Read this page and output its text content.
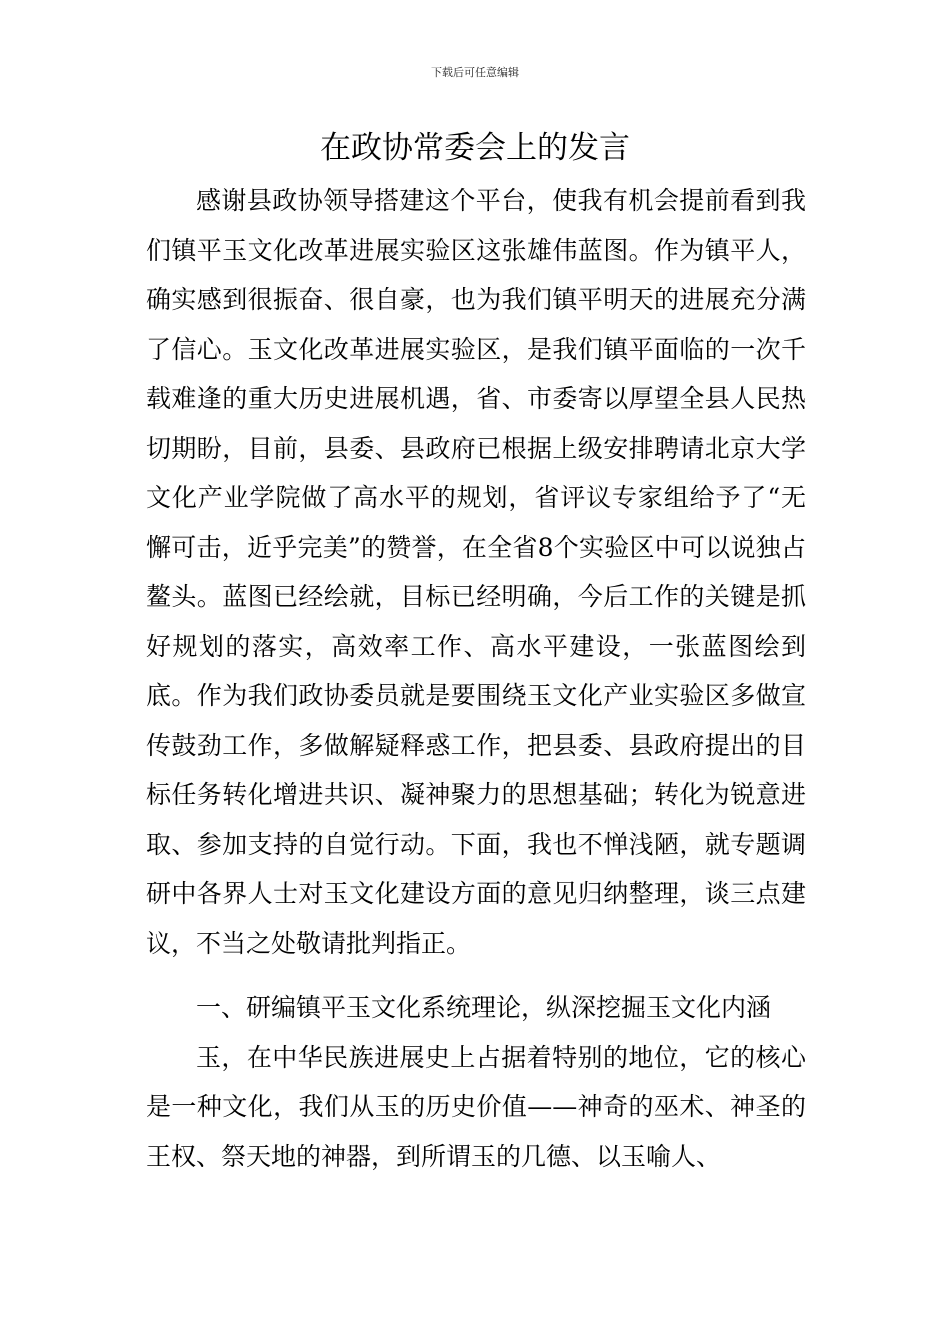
下载后可任意编辑
在政协常委会上的发言

感谢县政协领导搭建这个平台，使我有机会提前看到我们镇平玉文化改革进展实验区这张雄伟蓝图。作为镇平人，确实感到很振奋、很自豪，也为我们镇平明天的进展充分满了信心。玉文化改革进展实验区，是我们镇平面临的一次千载难逢的重大历史进展机遇，省、市委寄以厚望全县人民热切期盼，目前，县委、县政府已根据上级安排聘请北京大学文化产业学院做了高水平的规划，省评议专家组给予了“无懈可击，近乎完美”的赞誉，在全省8个实验区中可以说独占鳌头。蓝图已经绘就，目标已经明确，今后工作的关键是抓好规划的落实，高效率工作、高水平建设，一张蓝图绘到底。作为我们政协委员就是要围绕玉文化产业实验区多做宣传鼓劲工作，多做解疑释惑工作，把县委、县政府提出的目标任务转化增进共识、凝神聚力的思想基础；转化为锐意进取、参加支持的自觉行动。下面，我也不惮浅陋，就专题调研中各界人士对玉文化建设方面的意见归纳整理，谈三点建议，不当之处敬请批判指正。

一、研编镇平玉文化系统理论，纵深挖掘玉文化内涵

玉，在中华民族进展史上占据着特别的地位，它的核心是一种文化，我们从玉的历史价值——神奇的巫术、神圣的王权、祭天地的神器，到所谓玉的几德、以玉喻人、
